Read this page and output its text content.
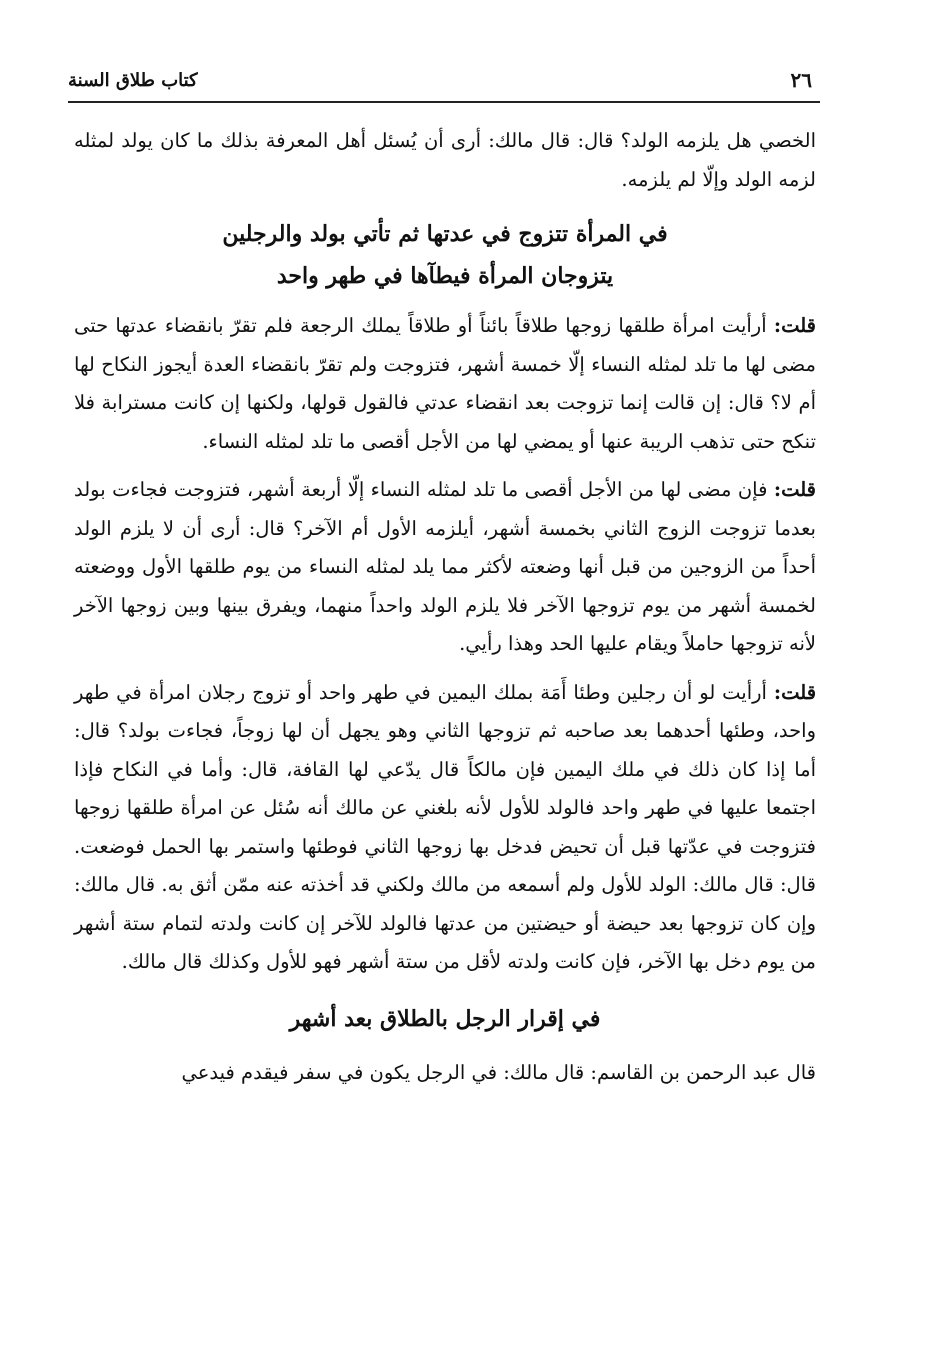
كتاب طلاق السنة	٢٦

الخصي هل يلزمه الولد؟ قال: قال مالك: أرى أن يُسئل أهل المعرفة بذلك ما كان يولد لمثله لزمه الولد وإلّا لم يلزمه.

في المرأة تتزوج في عدتها ثم تأتي بولد والرجلين

يتزوجان المرأة فيطآها في طهر واحد

قلت: أرأيت امرأة طلقها زوجها طلاقاً بائناً أو طلاقاً يملك الرجعة فلم تقرّ بانقضاء عدتها حتى مضى لها ما تلد لمثله النساء إلّا خمسة أشهر، فتزوجت ولم تقرّ بانقضاء العدة أيجوز النكاح لها أم لا؟ قال: إن قالت إنما تزوجت بعد انقضاء عدتي فالقول قولها، ولكنها إن كانت مسترابة فلا تنكح حتى تذهب الريبة عنها أو يمضي لها من الأجل أقصى ما تلد لمثله النساء.

قلت: فإن مضى لها من الأجل أقصى ما تلد لمثله النساء إلّا أربعة أشهر، فتزوجت فجاءت بولد بعدما تزوجت الزوج الثاني بخمسة أشهر، أيلزمه الأول أم الآخر؟ قال: أرى أن لا يلزم الولد أحداً من الزوجين من قبل أنها وضعته لأكثر مما يلد لمثله النساء من يوم طلقها الأول ووضعته لخمسة أشهر من يوم تزوجها الآخر فلا يلزم الولد واحداً منهما، ويفرق بينها وبين زوجها الآخر لأنه تزوجها حاملاً ويقام عليها الحد وهذا رأيي.

قلت: أرأيت لو أن رجلين وطئا أَمَة بملك اليمين في طهر واحد أو تزوج رجلان امرأة في طهر واحد، وطئها أحدهما بعد صاحبه ثم تزوجها الثاني وهو يجهل أن لها زوجاً، فجاءت بولد؟ قال: أما إذا كان ذلك في ملك اليمين فإن مالكاً قال يدّعي لها القافة، قال: وأما في النكاح فإذا اجتمعا عليها في طهر واحد فالولد للأول لأنه بلغني عن مالك أنه سُئل عن امرأة طلقها زوجها فتزوجت في عدّتها قبل أن تحيض فدخل بها زوجها الثاني فوطئها واستمر بها الحمل فوضعت. قال: قال مالك: الولد للأول ولم أسمعه من مالك ولكني قد أخذته عنه ممّن أثق به. قال مالك: وإن كان تزوجها بعد حيضة أو حيضتين من عدتها فالولد للآخر إن كانت ولدته لتمام ستة أشهر من يوم دخل بها الآخر، فإن كانت ولدته لأقل من ستة أشهر فهو للأول وكذلك قال مالك.

في إقرار الرجل بالطلاق بعد أشهر

قال عبد الرحمن بن القاسم: قال مالك: في الرجل يكون في سفر فيقدم فيدعي
